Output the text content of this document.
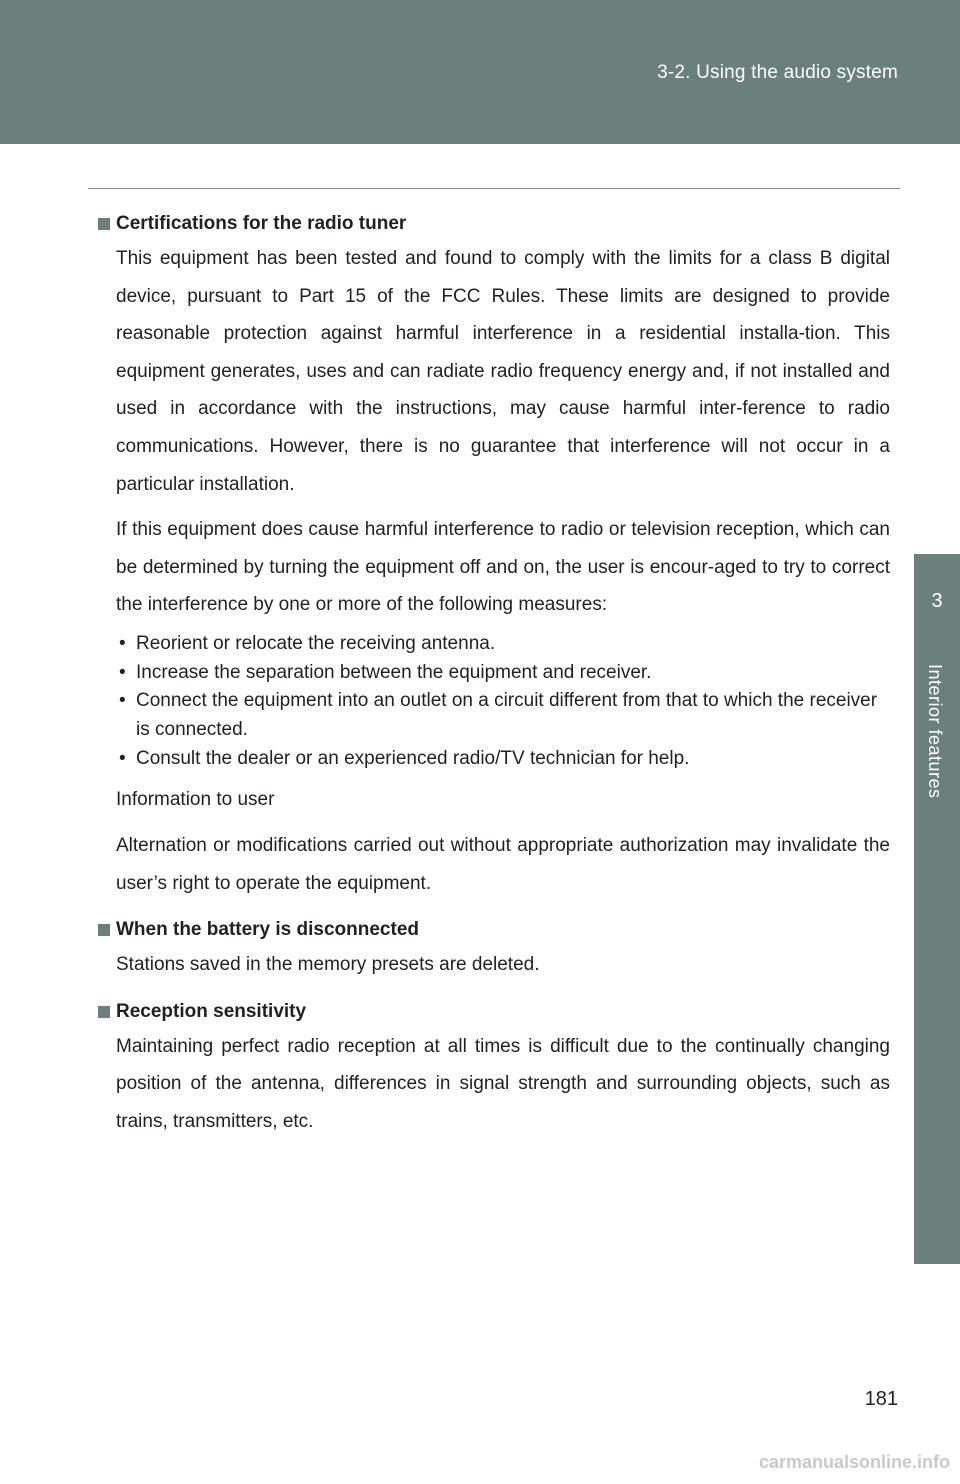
3-2. Using the audio system
3
Interior features
Certifications for the radio tuner

This equipment has been tested and found to comply with the limits for a class B digital device, pursuant to Part 15 of the FCC Rules. These limits are designed to provide reasonable protection against harmful interference in a residential installa-tion. This equipment generates, uses and can radiate radio frequency energy and, if not installed and used in accordance with the instructions, may cause harmful inter-ference to radio communications. However, there is no guarantee that interference will not occur in a particular installation.

If this equipment does cause harmful interference to radio or television reception, which can be determined by turning the equipment off and on, the user is encour-aged to try to correct the interference by one or more of the following measures:

• Reorient or relocate the receiving antenna.
• Increase the separation between the equipment and receiver.
• Connect the equipment into an outlet on a circuit different from that to which the receiver is connected.
• Consult the dealer or an experienced radio/TV technician for help.

Information to user

Alternation or modifications carried out without appropriate authorization may invalidate the user’s right to operate the equipment.

When the battery is disconnected

Stations saved in the memory presets are deleted.

Reception sensitivity

Maintaining perfect radio reception at all times is difficult due to the continually changing position of the antenna, differences in signal strength and surrounding objects, such as trains, transmitters, etc.

181
carmanualsonline.info
